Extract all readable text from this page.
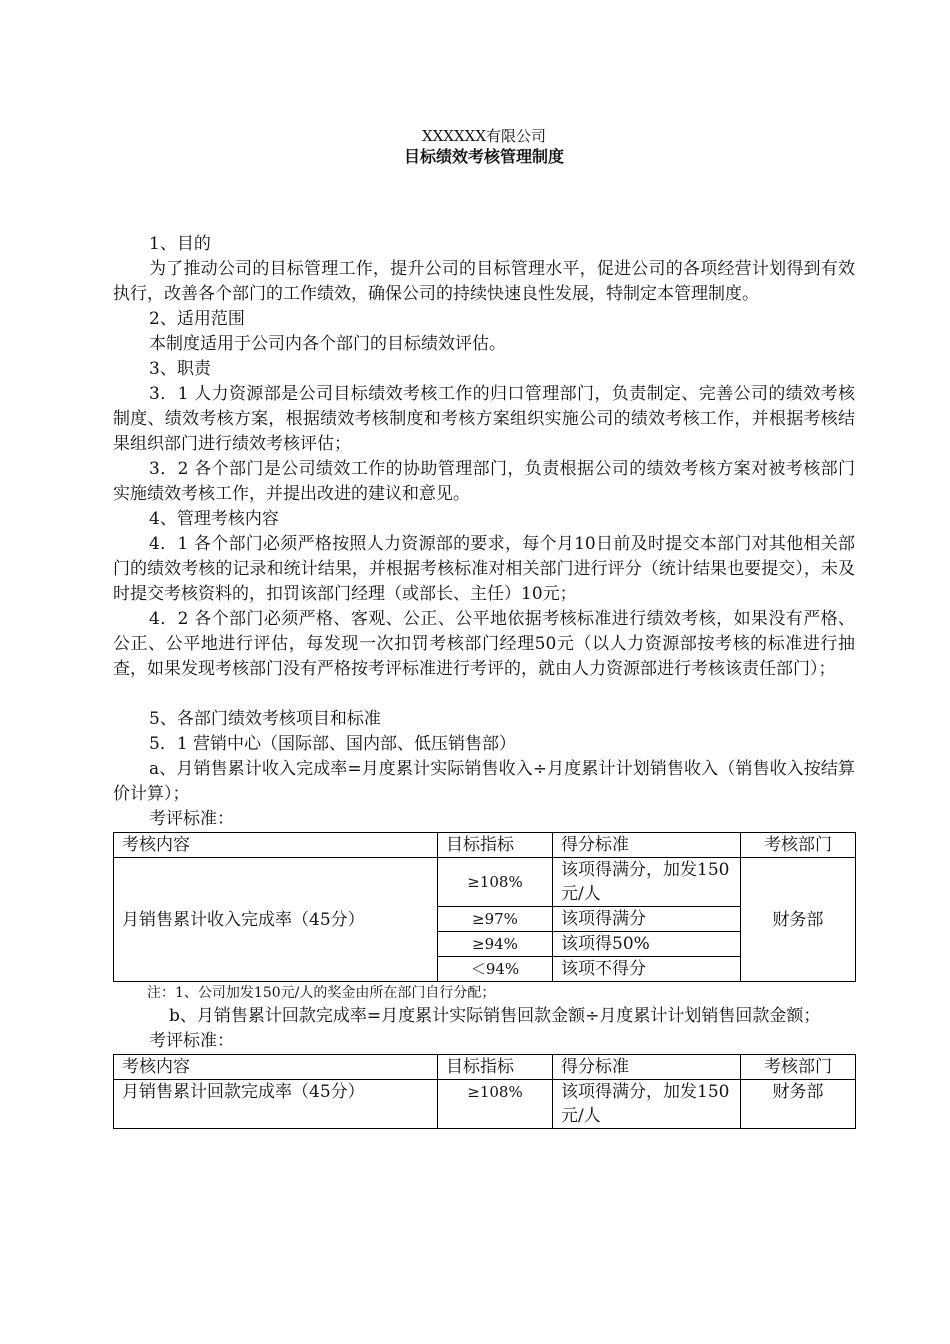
XXXXXX有限公司

目标绩效考核管理制度

1、目的

为了推动公司的目标管理工作，提升公司的目标管理水平，促进公司的各项经营计划得到有效执行，改善各个部门的工作绩效，确保公司的持续快速良性发展，特制定本管理制度。

2、适用范围

本制度适用于公司内各个部门的目标绩效评估。

3、职责

3．1 人力资源部是公司目标绩效考核工作的归口管理部门，负责制定、完善公司的绩效考核制度、绩效考核方案，根据绩效考核制度和考核方案组织实施公司的绩效考核工作，并根据考核结果组织部门进行绩效考核评估；

3．2 各个部门是公司绩效工作的协助管理部门，负责根据公司的绩效考核方案对被考核部门实施绩效考核工作，并提出改进的建议和意见。

4、管理考核内容

4．1 各个部门必须严格按照人力资源部的要求，每个月10日前及时提交本部门对其他相关部门的绩效考核的记录和统计结果，并根据考核标准对相关部门进行评分（统计结果也要提交），未及时提交考核资料的，扣罚该部门经理（或部长、主任）10元；

4．2 各个部门必须严格、客观、公正、公平地依据考核标准进行绩效考核，如果没有严格、公正、公平地进行评估，每发现一次扣罚考核部门经理50元（以人力资源部按考核的标准进行抽查，如果发现考核部门没有严格按考评标准进行考评的，就由人力资源部进行考核该责任部门）；

5、各部门绩效考核项目和标准

5．1 营销中心（国际部、国内部、低压销售部）

a、月销售累计收入完成率=月度累计实际销售收入÷月度累计计划销售收入（销售收入按结算价计算）；

考评标准：

考核内容	目标指标	得分标准	考核部门
月销售累计收入完成率（45分）	≥108%	该项得满分，加发150元/人	财务部
	≥97%	该项得满分	
	≥94%	该项得50%	
	＜94%	该项不得分	

注：1、公司加发150元/人的奖金由所在部门自行分配；

b、月销售累计回款完成率=月度累计实际销售回款金额÷月度累计计划销售回款金额；

考评标准：

考核内容	目标指标	得分标准	考核部门
月销售累计回款完成率（45分）	≥108%	该项得满分，加发150元/人	财务部
